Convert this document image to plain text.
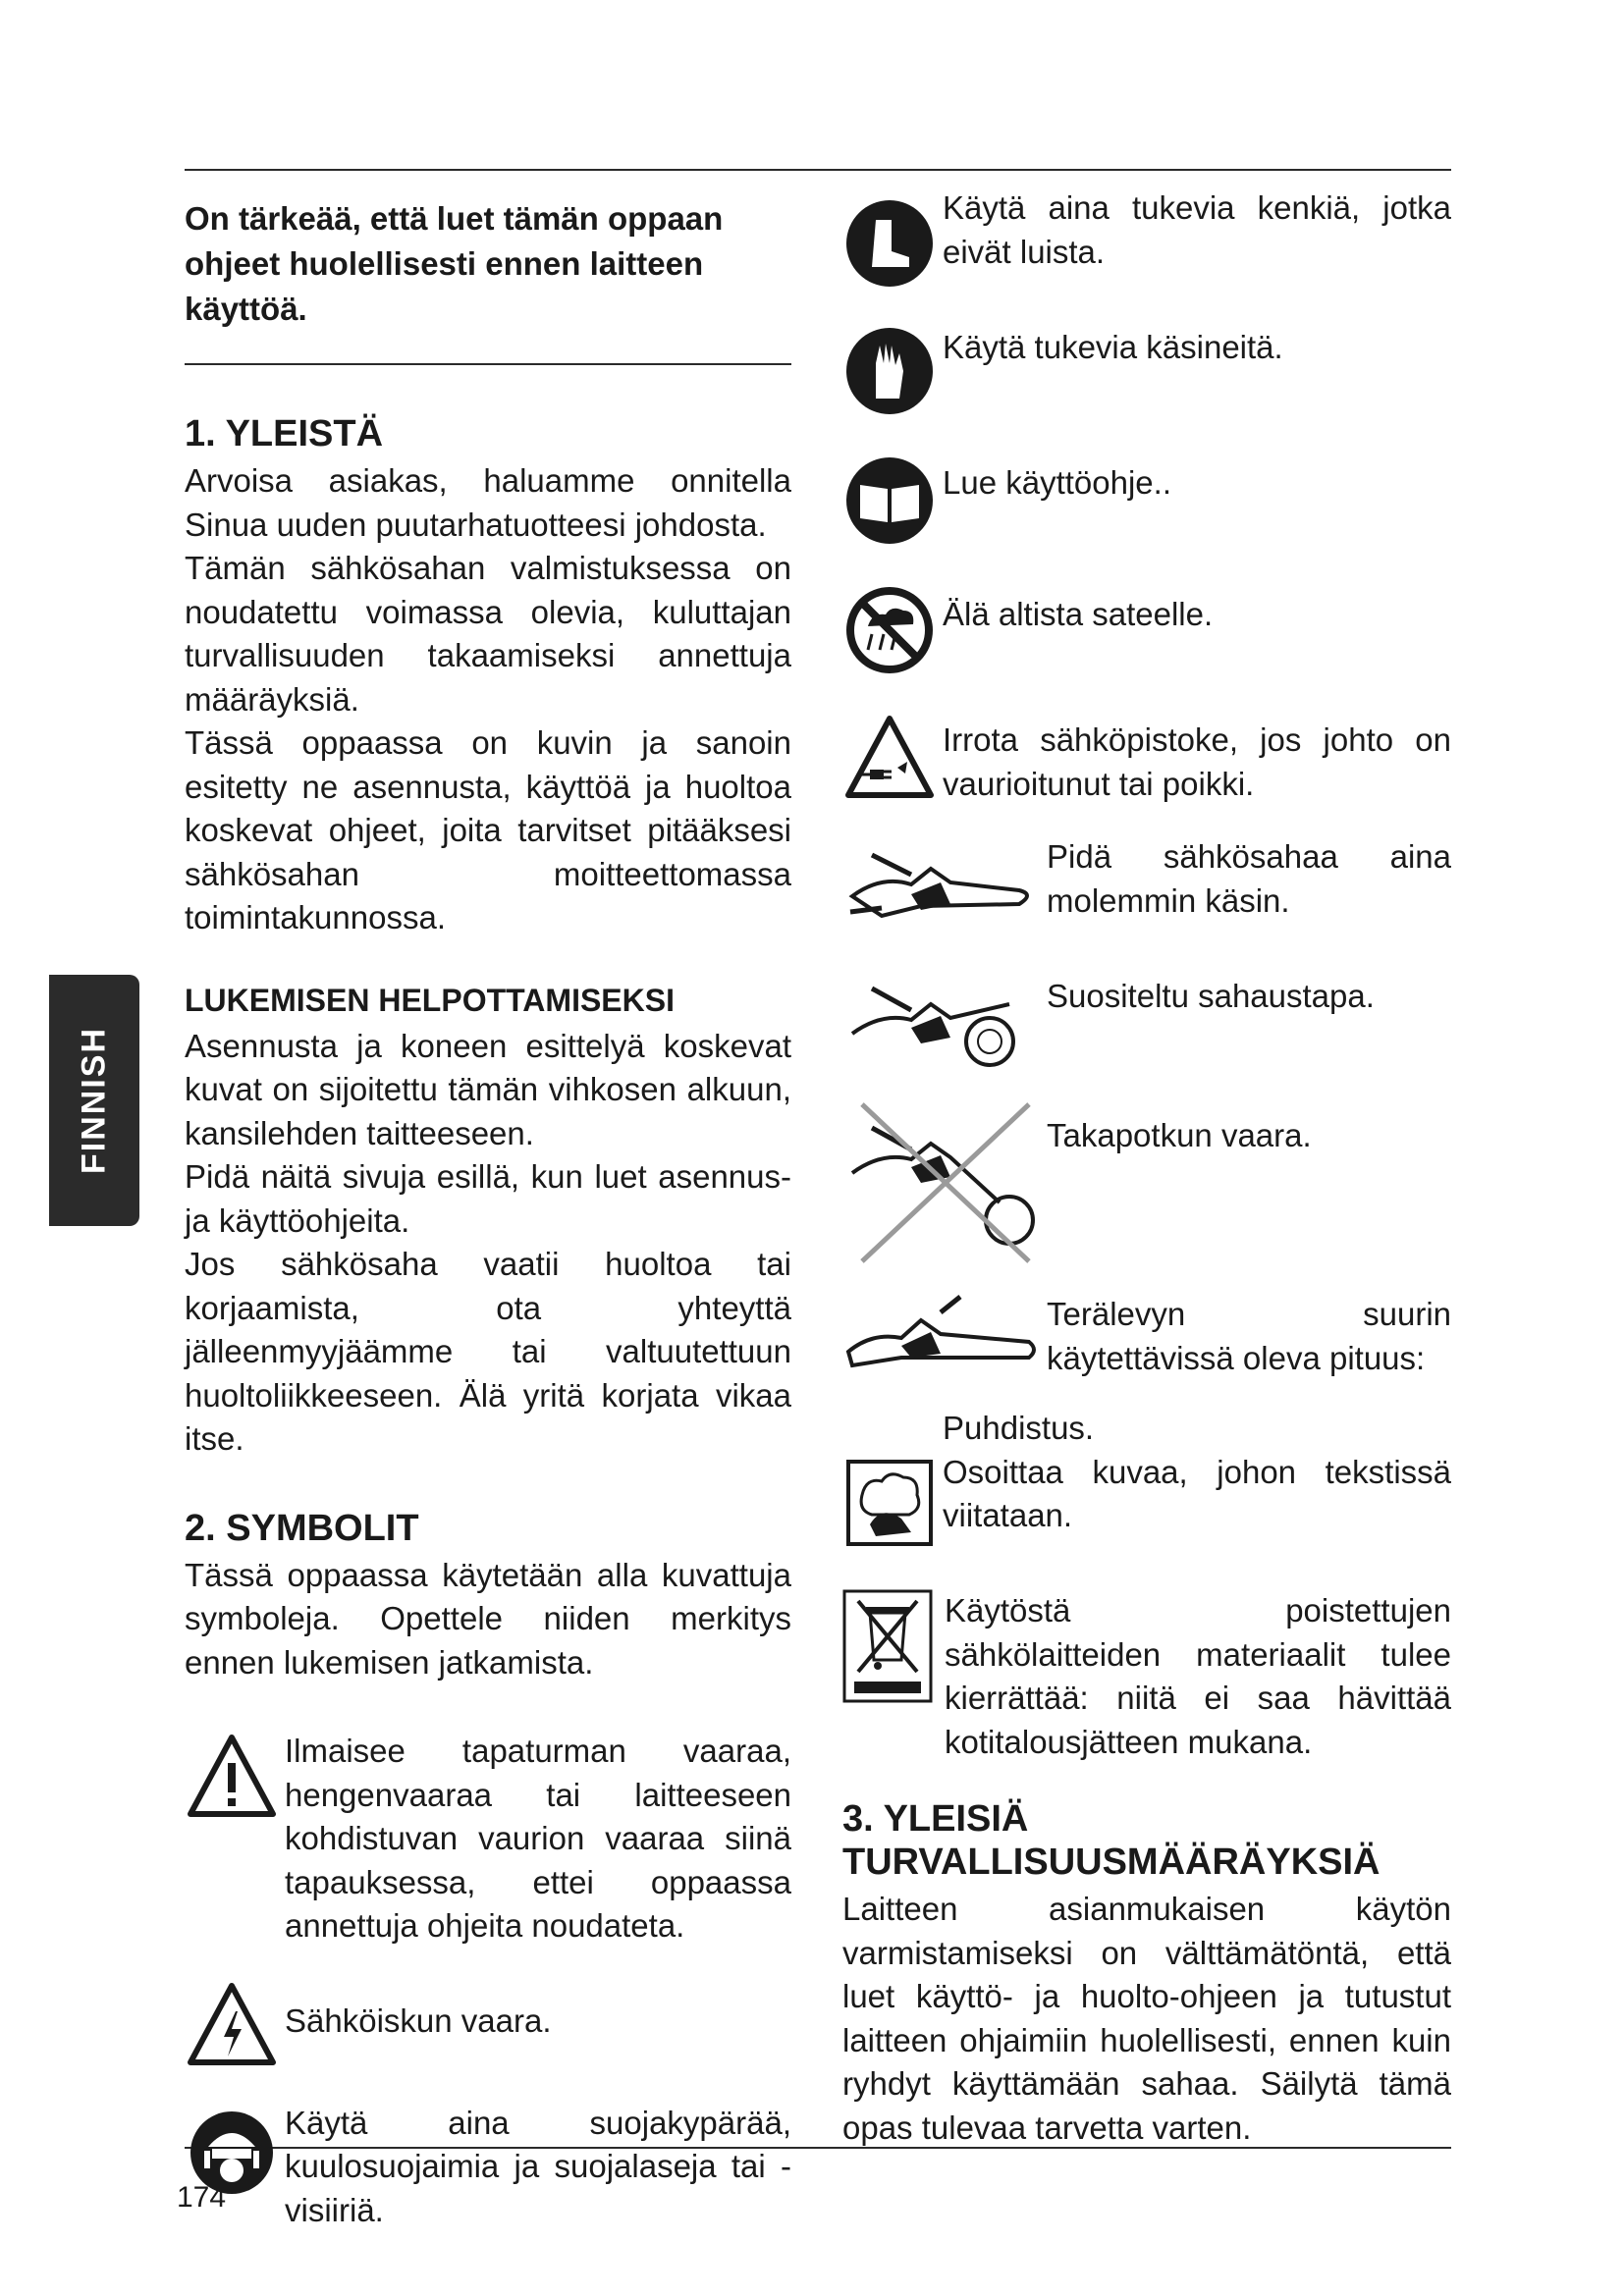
FINNISH

On tärkeää, että luet tämän oppaan ohjeet huolellisesti ennen laitteen käyttöä.

1. YLEISTÄ

Arvoisa asiakas, haluamme onnitella Sinua uuden puutarhatuotteesi johdosta.

Tämän sähkösahan valmistuksessa on noudatettu voimassa olevia, kuluttajan turvallisuuden takaamiseksi annettuja määräyksiä.

Tässä oppaassa on kuvin ja sanoin esitetty ne asennusta, käyttöä ja huoltoa koskevat ohjeet, joita tarvitset pitääksesi sähkösahan moitteettomassa toimintakunnossa.

LUKEMISEN HELPOTTAMISEKSI

Asennusta ja koneen esittelyä koskevat kuvat on sijoitettu tämän vihkosen alkuun, kansilehden taitteeseen.

Pidä näitä sivuja esillä, kun luet asennus- ja käyttöohjeita.

Jos sähkösaha vaatii huoltoa tai korjaamista, ota yhteyttä jälleenmyyjäämme tai valtuutettuun huoltoliikkeeseen. Älä yritä korjata vikaa itse.

2. SYMBOLIT

Tässä oppaassa käytetään alla kuvattuja symboleja. Opettele niiden merkitys ennen lukemisen jatkamista.

Ilmaisee tapaturman vaaraa, hengenvaaraa tai laitteeseen kohdistuvan vaurion vaaraa siinä tapauksessa, ettei oppaassa annettuja ohjeita noudateta.

Sähköiskun vaara.

Käytä aina suojakypärää, kuulosuojaimia ja suojalaseja tai -visiiriä.

Käytä aina tukevia kenkiä, jotka eivät luista.

Käytä tukevia käsineitä.

Lue käyttöohje..

Älä altista sateelle.

Irrota sähköpistoke, jos johto on vaurioitunut tai poikki.

Pidä sähkösahaa aina molemmin käsin.

Suositeltu sahaustapa.

Takapotkun vaara.

Terälevyn suurin käytettävissä oleva pituus:

Puhdistus.

Osoittaa kuvaa, johon tekstissä viitataan.

Käytöstä poistettujen sähkölaitteiden materiaalit tulee kierrättää: niitä ei saa hävittää kotitalousjätteen mukana.

3. YLEISIÄ
TURVALLISUUSMÄÄRÄYKSIÄ

Laitteen asianmukaisen käytön varmistamiseksi on välttämätöntä, että luet käyttö- ja huolto-ohjeen ja tutustut laitteen ohjaimiin huolellisesti, ennen kuin ryhdyt käyttämään sahaa. Säilytä tämä opas tulevaa tarvetta varten.

174
